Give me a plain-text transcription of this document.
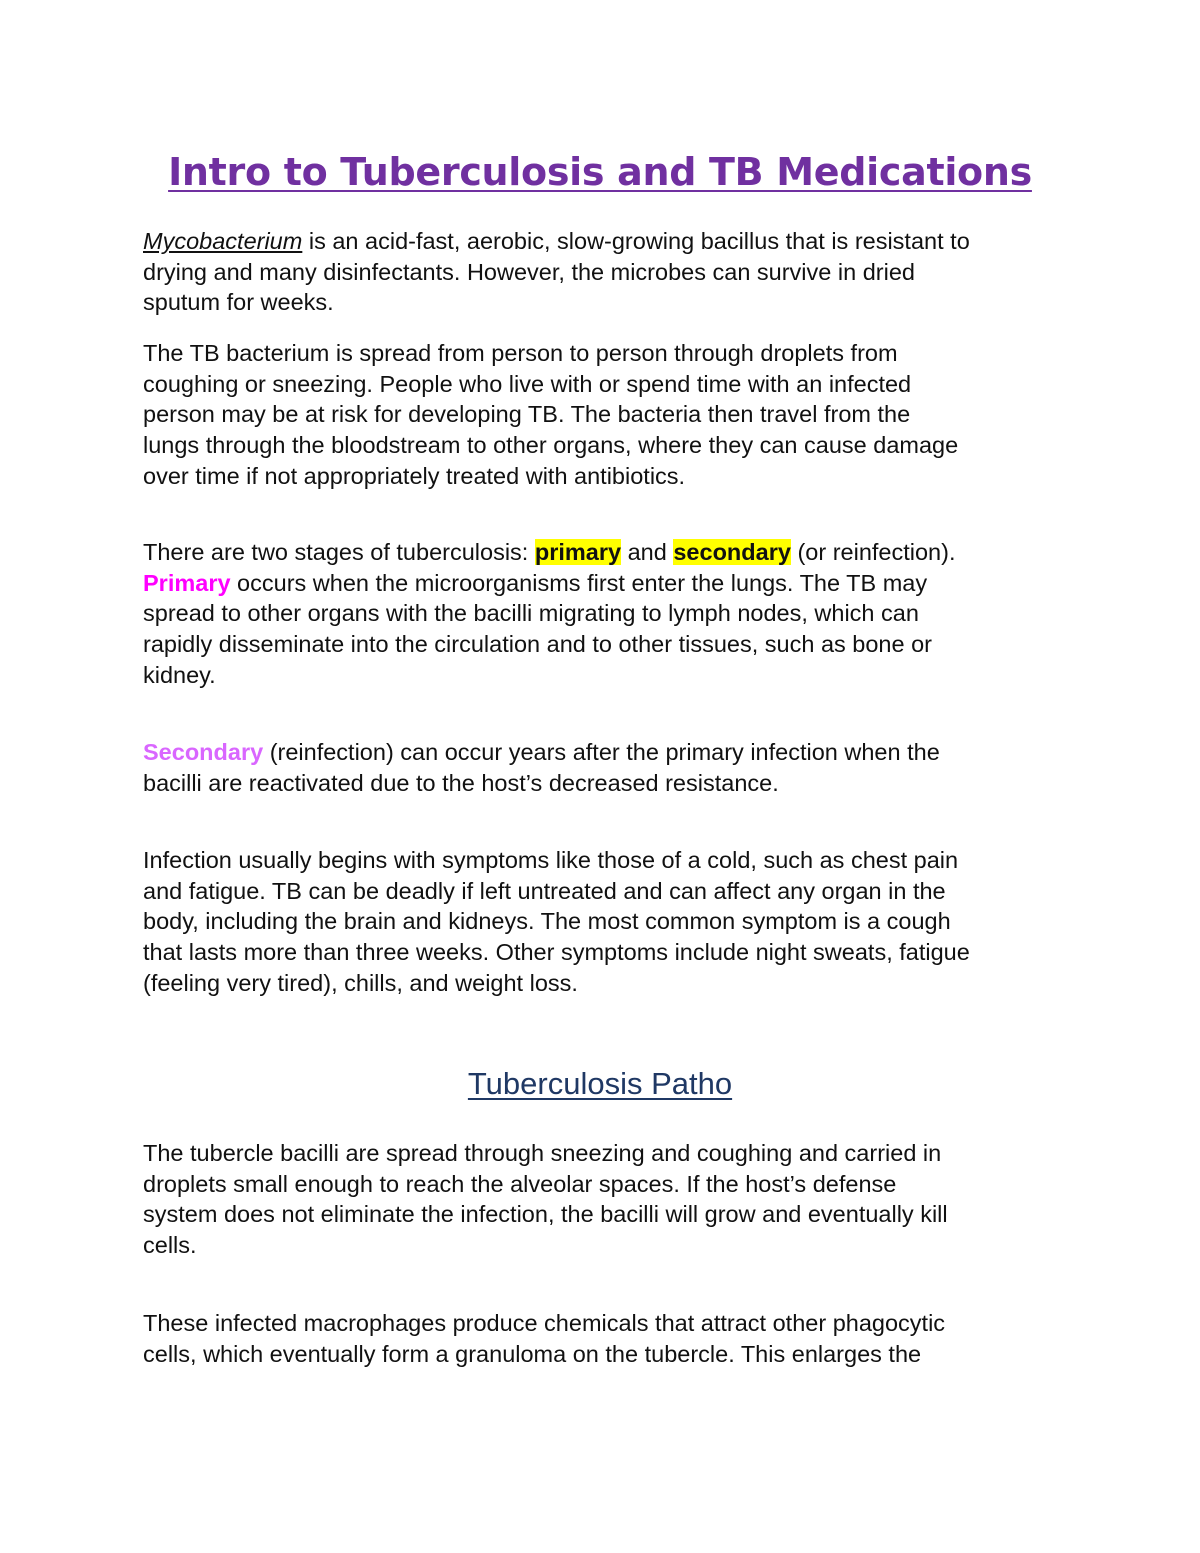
Intro to Tuberculosis and TB Medications

Mycobacterium is an acid-fast, aerobic, slow-growing bacillus that is resistant to
drying and many disinfectants. However, the microbes can survive in dried
sputum for weeks.

The TB bacterium is spread from person to person through droplets from
coughing or sneezing. People who live with or spend time with an infected
person may be at risk for developing TB. The bacteria then travel from the
lungs through the bloodstream to other organs, where they can cause damage
over time if not appropriately treated with antibiotics.

There are two stages of tuberculosis: primary and secondary (or reinfection).
Primary occurs when the microorganisms first enter the lungs. The TB may
spread to other organs with the bacilli migrating to lymph nodes, which can
rapidly disseminate into the circulation and to other tissues, such as bone or
kidney.

Secondary (reinfection) can occur years after the primary infection when the
bacilli are reactivated due to the host’s decreased resistance.

Infection usually begins with symptoms like those of a cold, such as chest pain
and fatigue. TB can be deadly if left untreated and can affect any organ in the
body, including the brain and kidneys. The most common symptom is a cough
that lasts more than three weeks. Other symptoms include night sweats, fatigue
(feeling very tired), chills, and weight loss.

Tuberculosis Patho

The tubercle bacilli are spread through sneezing and coughing and carried in
droplets small enough to reach the alveolar spaces. If the host’s defense
system does not eliminate the infection, the bacilli will grow and eventually kill
cells.

These infected macrophages produce chemicals that attract other phagocytic
cells, which eventually form a granuloma on the tubercle. This enlarges the
